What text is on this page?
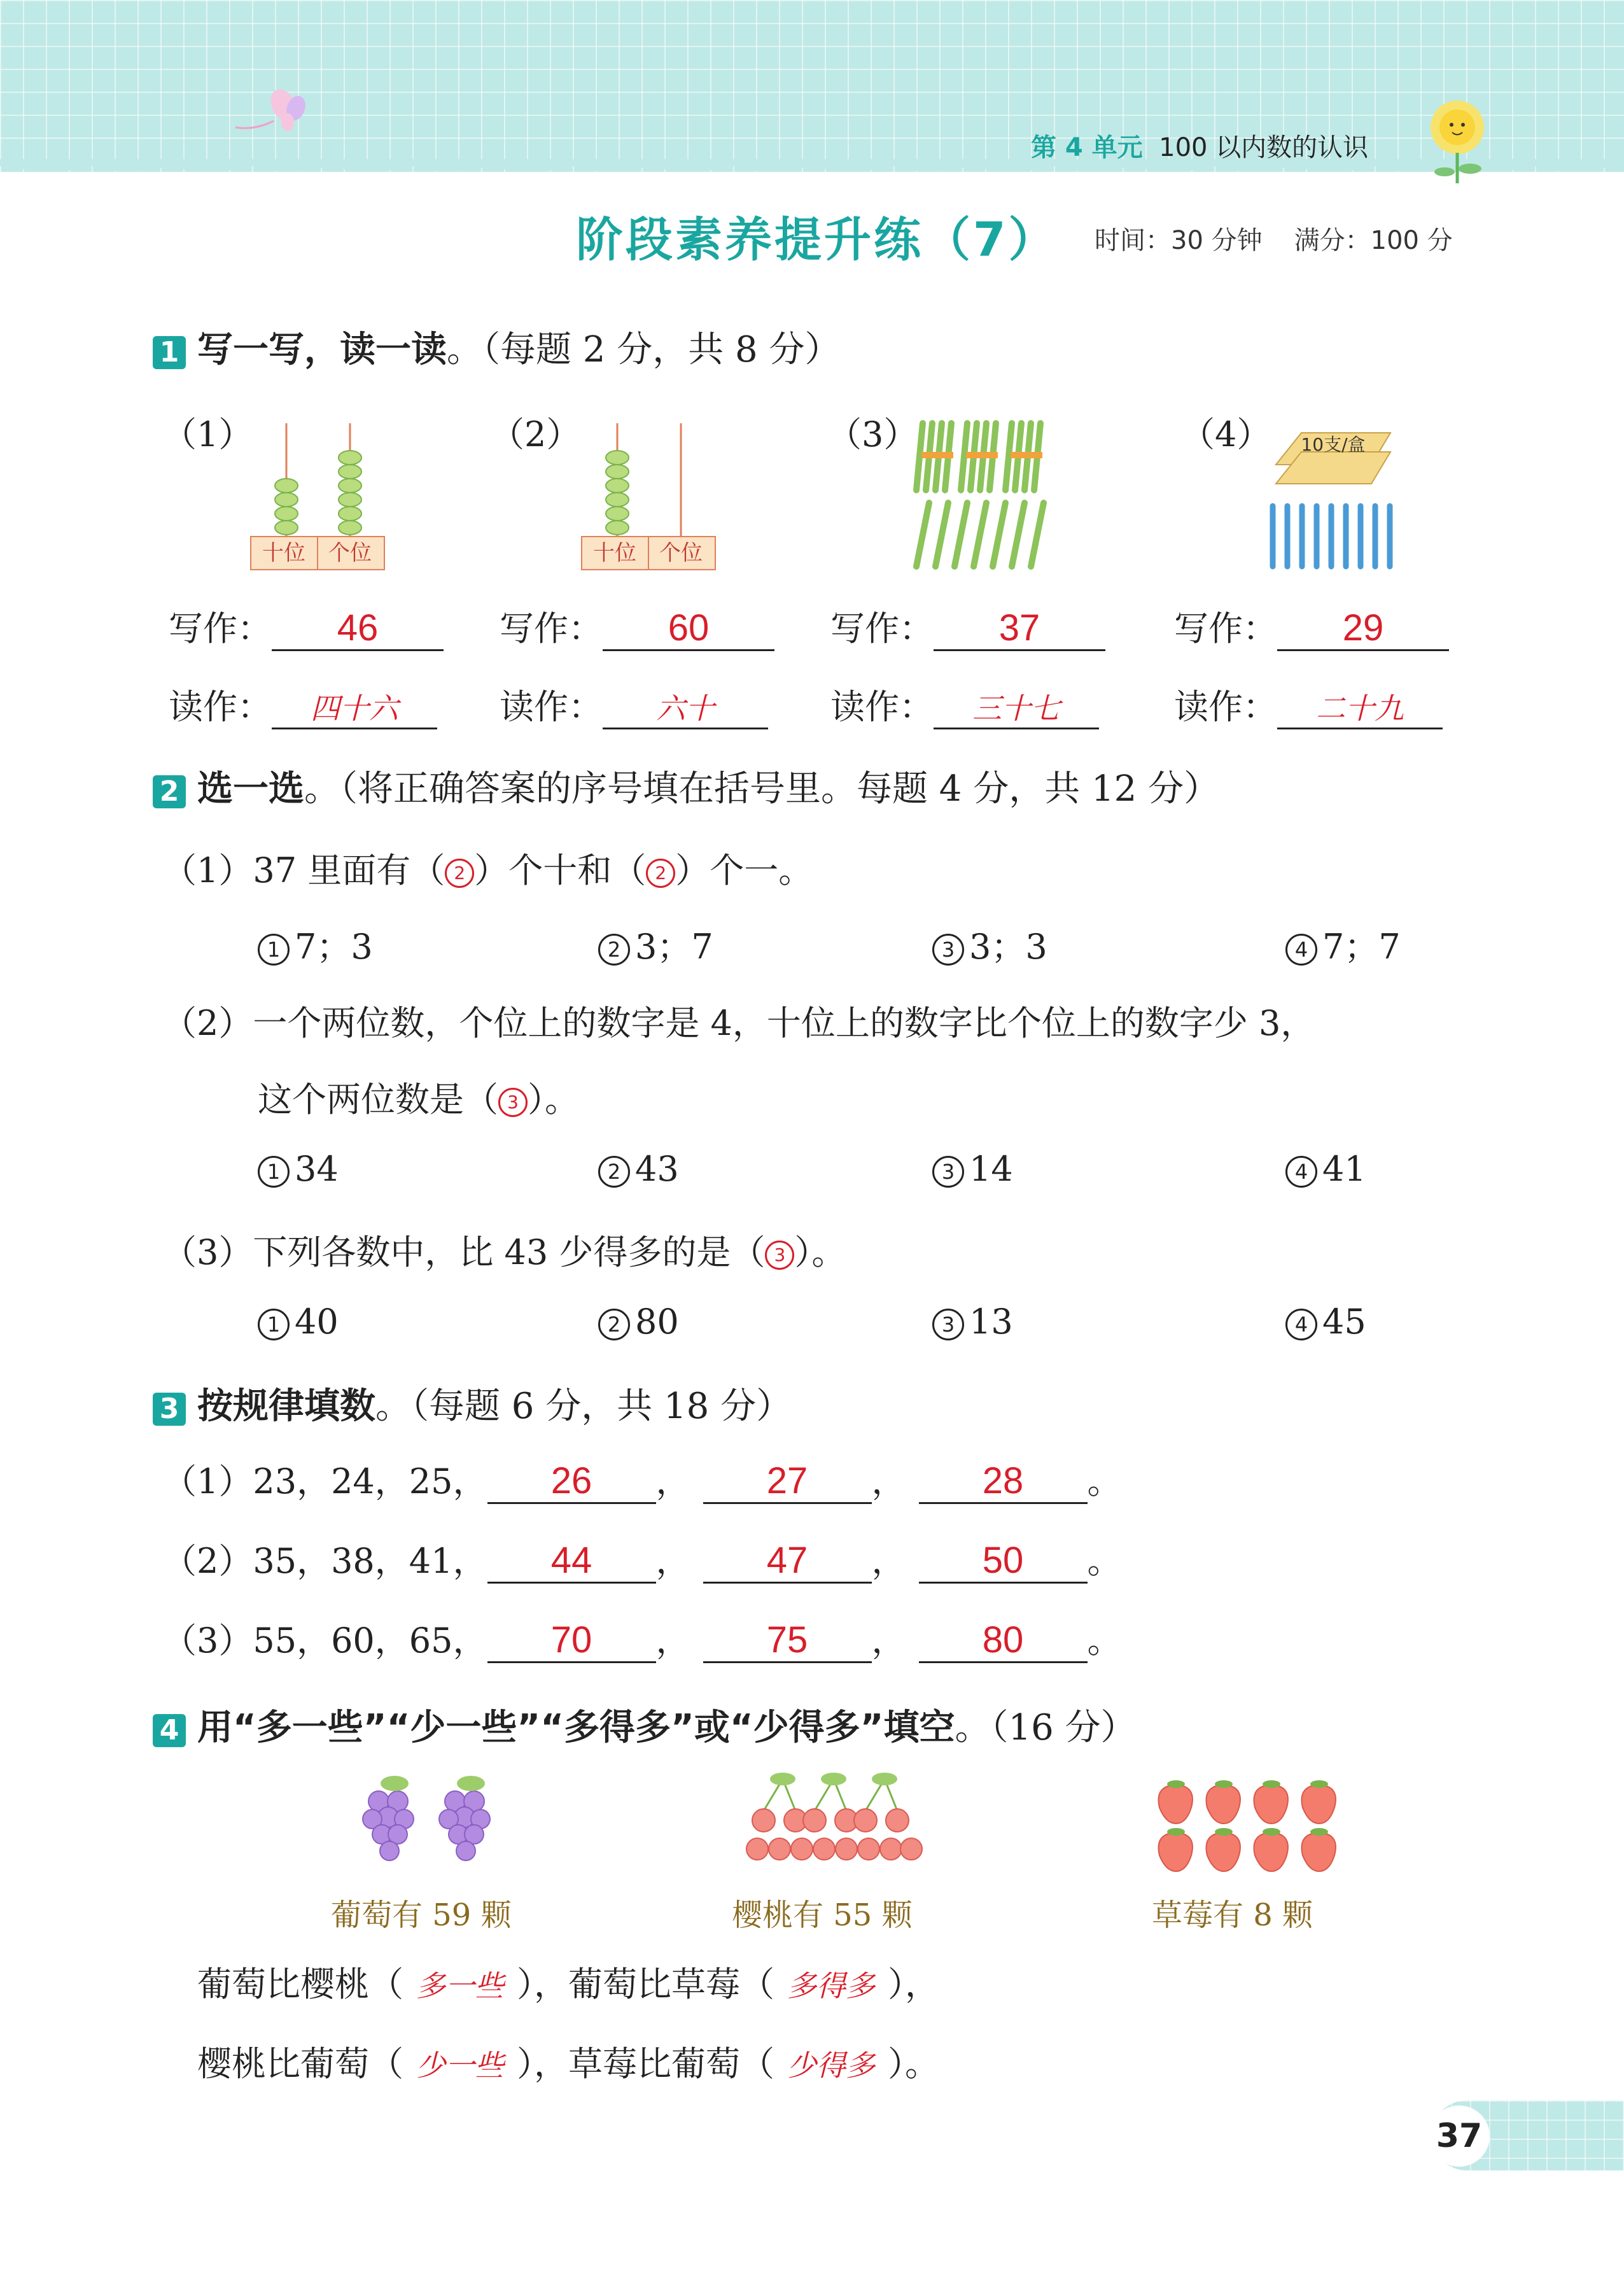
第 4 单元 100 以内数的认识
阶段素养提升练（7） 时间：30 分钟 满分：100 分
1 写一写，读一读。（每题 2 分，共 8 分）
（1）	（2）	（3）	（4）
十位 个位	十位 个位
10支/盒
写作： 46	写作： 60	写作： 37	写作： 29
读作： 四十六	读作： 六十	读作： 三十七	读作： 二十九
2 选一选。（将正确答案的序号填在括号里。每题 4 分，共 12 分）
（1）37 里面有（ 2 ）个十和（ 2 ）个一。
1 7；3	2 3；7	3 3；3	4 7；7
（2）一个两位数，个位上的数字是 4，十位上的数字比个位上的数字少 3，
这个两位数是（ 3 ）。
1 34	2 43	3 14	4 41
（3）下列各数中，比 43 少得多的是（ 3 ）。
1 40	2 80	3 13	4 45
3 按规律填数。（每题 6 分，共 18 分）
（1）23，24，25， 26 ， 27 ， 28 。
（2）35，38，41， 44 ， 47 ， 50 。
（3）55，60，65， 70 ， 75 ， 80 。
4 用“多一些”“少一些”“多得多”或“少得多”填空。（16 分）
葡萄有 59 颗	樱桃有 55 颗	草莓有 8 颗
葡萄比樱桃（ 多一些 ），葡萄比草莓（ 多得多 ），
樱桃比葡萄（ 少一些 ），草莓比葡萄（ 少得多 ）。
37
